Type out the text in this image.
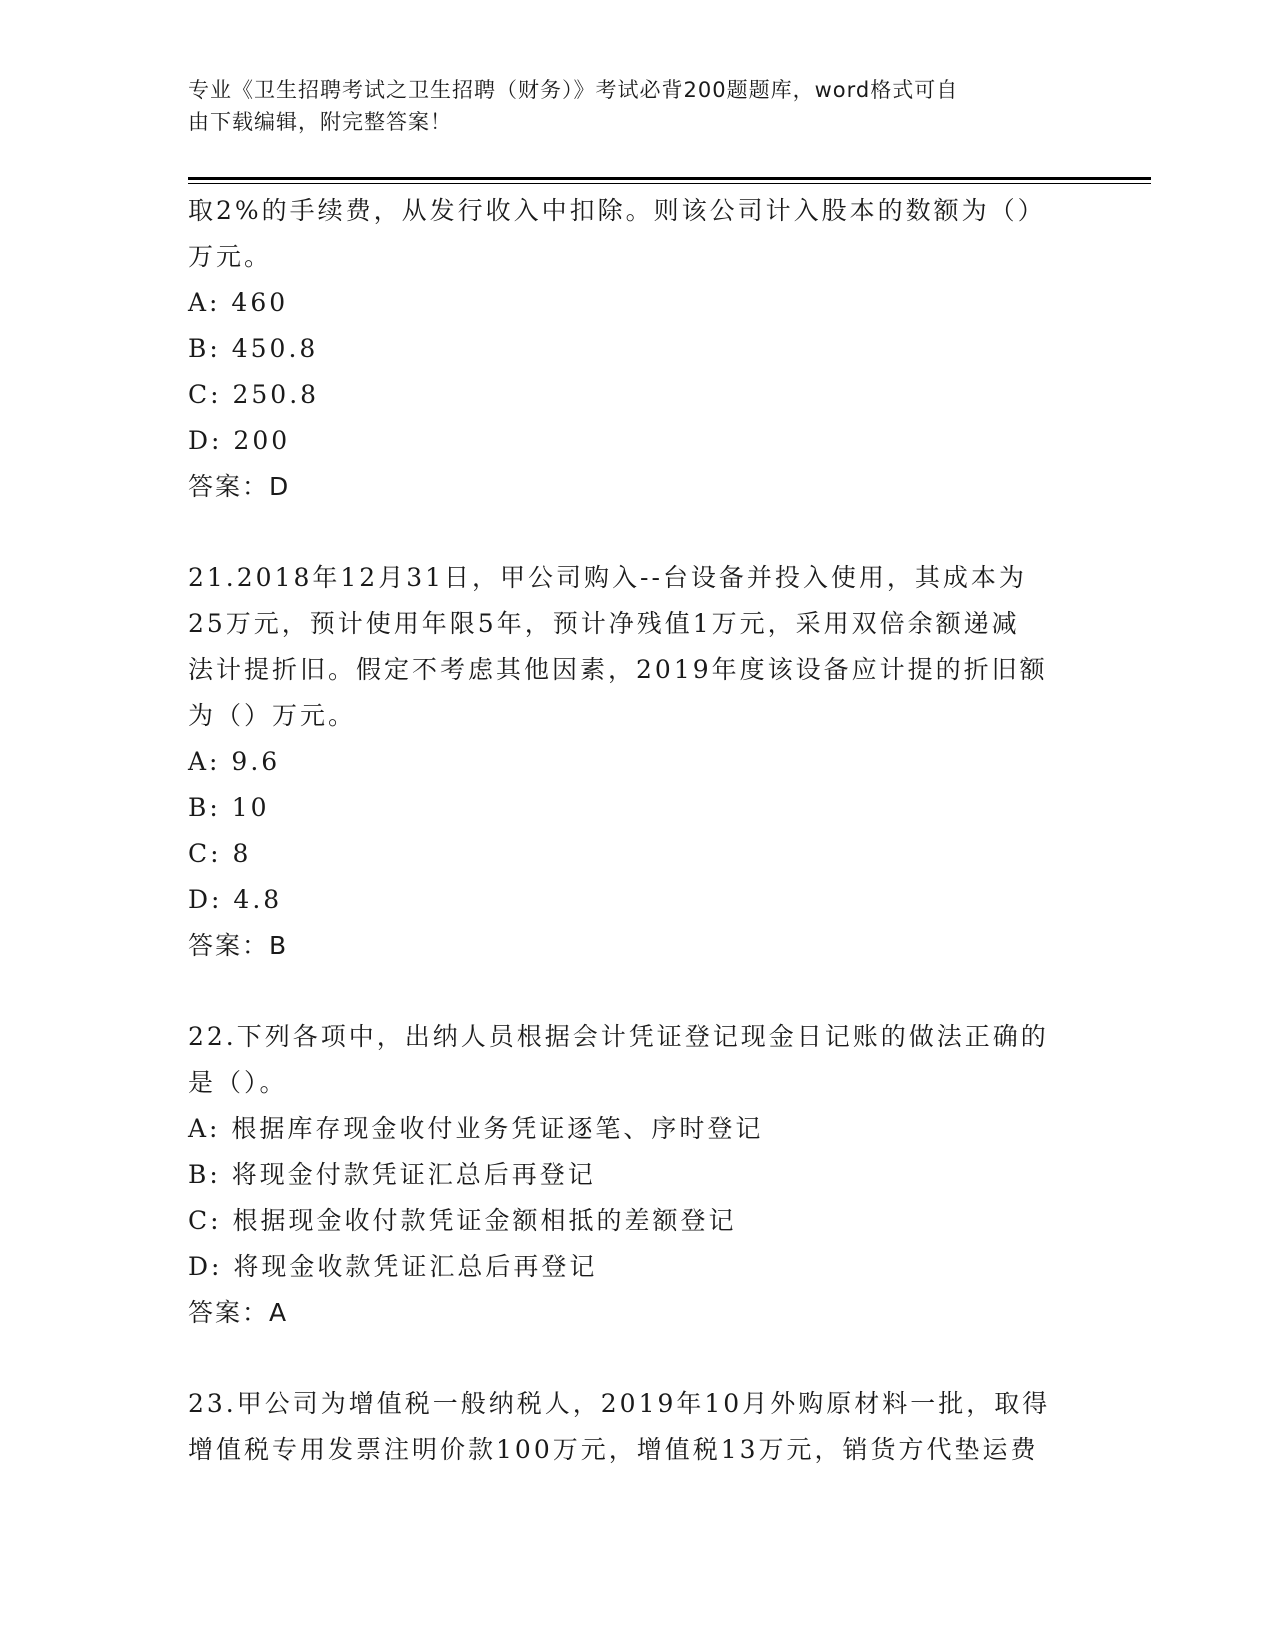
专业《卫生招聘考试之卫生招聘（财务）》考试必背200题题库，word格式可自
由下载编辑，附完整答案！
取2%的手续费，从发行收入中扣除。则该公司计入股本的数额为（）
万元。
A: 460
B: 450.8
C: 250.8
D: 200
答案：D
21.2018年12月31日，甲公司购入--台设备并投入使用，其成本为
25万元，预计使用年限5年，预计净残值1万元，采用双倍余额递减
法计提折旧。假定不考虑其他因素，2019年度该设备应计提的折旧额
为（）万元。
A: 9.6
B: 10
C: 8
D: 4.8
答案：B
22.下列各项中，出纳人员根据会计凭证登记现金日记账的做法正确的
是（）。
A: 根据库存现金收付业务凭证逐笔、序时登记
B: 将现金付款凭证汇总后再登记
C: 根据现金收付款凭证金额相抵的差额登记
D: 将现金收款凭证汇总后再登记
答案：A
23.甲公司为增值税一般纳税人，2019年10月外购原材料一批，取得
增值税专用发票注明价款100万元，增值税13万元，销货方代垫运费
